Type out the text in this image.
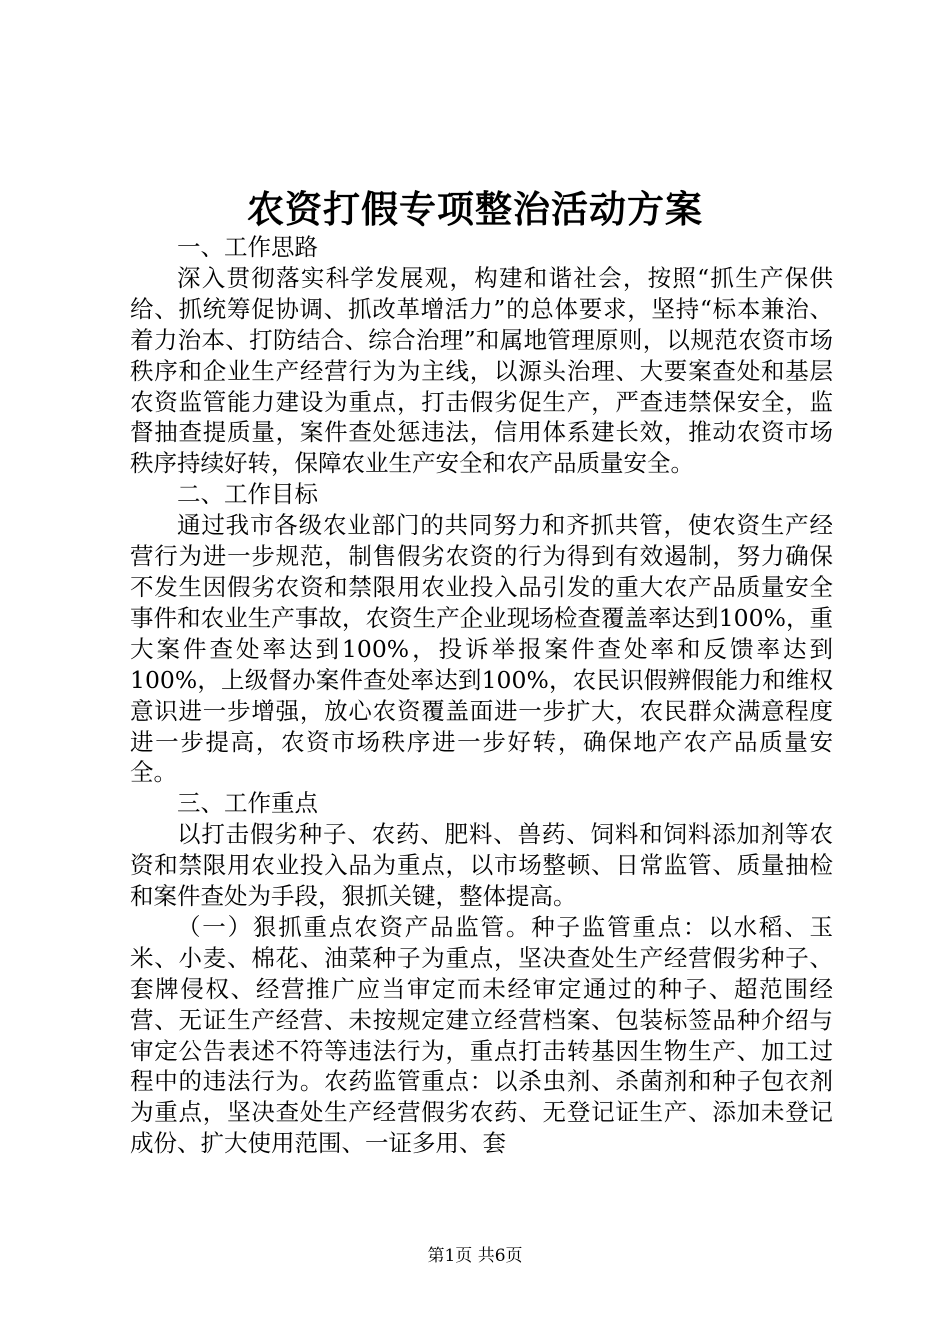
农资打假专项整治活动方案

一、工作思路

深入贯彻落实科学发展观，构建和谐社会，按照“抓生产保供给、抓统筹促协调、抓改革增活力”的总体要求，坚持“标本兼治、着力治本、打防结合、综合治理”和属地管理原则，以规范农资市场秩序和企业生产经营行为为主线，以源头治理、大要案查处和基层农资监管能力建设为重点，打击假劣促生产，严查违禁保安全，监督抽查提质量，案件查处惩违法，信用体系建长效，推动农资市场秩序持续好转，保障农业生产安全和农产品质量安全。

二、工作目标

通过我市各级农业部门的共同努力和齐抓共管，使农资生产经营行为进一步规范，制售假劣农资的行为得到有效遏制，努力确保不发生因假劣农资和禁限用农业投入品引发的重大农产品质量安全事件和农业生产事故，农资生产企业现场检查覆盖率达到100%，重大案件查处率达到100%，投诉举报案件查处率和反馈率达到100%，上级督办案件查处率达到100%，农民识假辨假能力和维权意识进一步增强，放心农资覆盖面进一步扩大，农民群众满意程度进一步提高，农资市场秩序进一步好转，确保地产农产品质量安全。

三、工作重点

以打击假劣种子、农药、肥料、兽药、饲料和饲料添加剂等农资和禁限用农业投入品为重点，以市场整顿、日常监管、质量抽检和案件查处为手段，狠抓关键，整体提高。

（一）狠抓重点农资产品监管。种子监管重点：以水稻、玉米、小麦、棉花、油菜种子为重点，坚决查处生产经营假劣种子、套牌侵权、经营推广应当审定而未经审定通过的种子、超范围经营、无证生产经营、未按规定建立经营档案、包装标签品种介绍与审定公告表述不符等违法行为，重点打击转基因生物生产、加工过程中的违法行为。农药监管重点：以杀虫剂、杀菌剂和种子包衣剂为重点，坚决查处生产经营假劣农药、无登记证生产、添加未登记成份、扩大使用范围、一证多用、套

第1页 共6页
